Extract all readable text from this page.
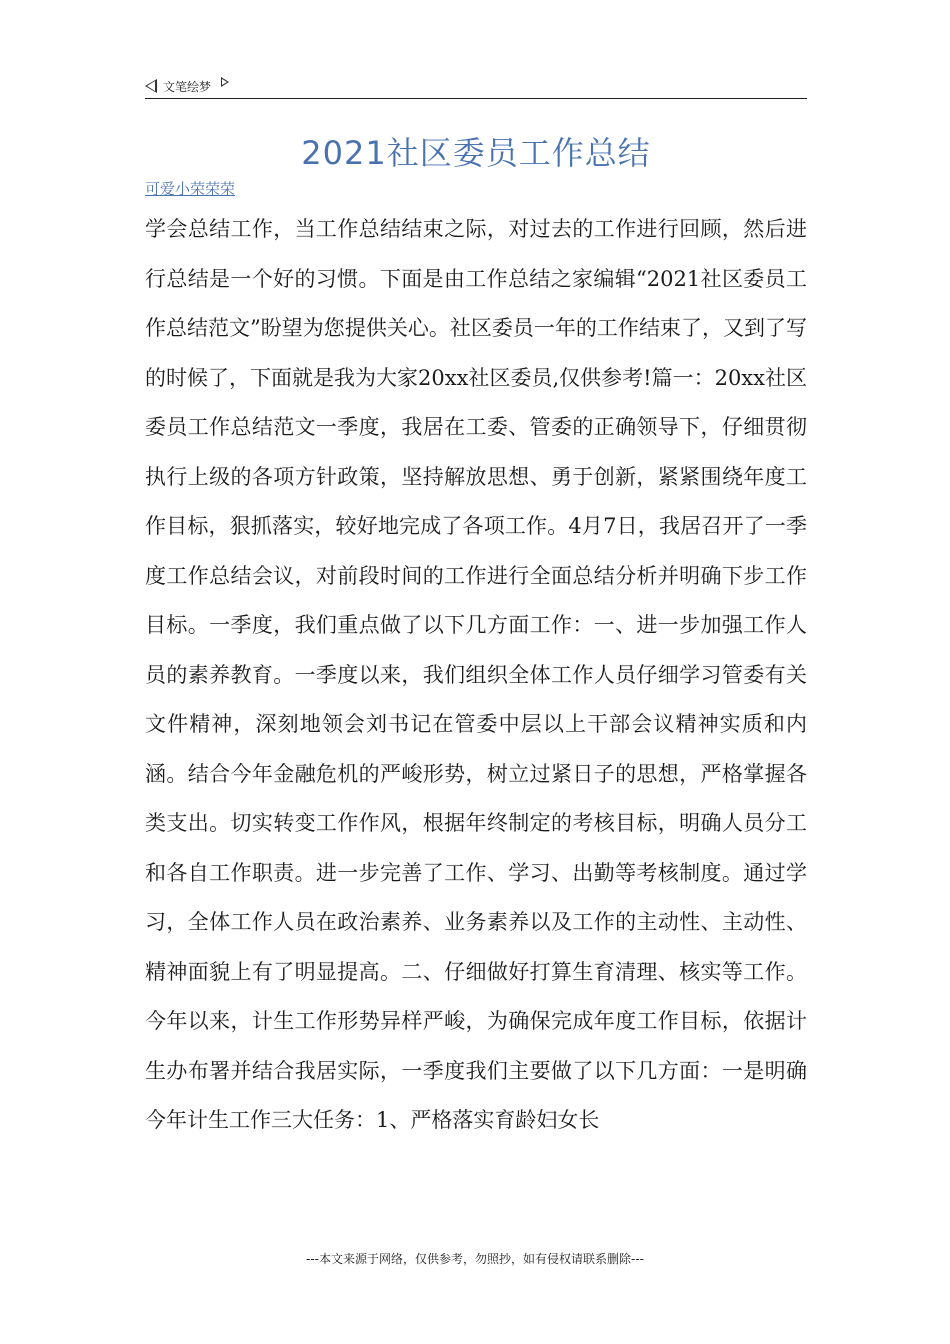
文笔绘梦
2021社区委员工作总结
可爱小荣荣荣
学会总结工作，当工作总结结束之际，对过去的工作进行回顾，然后进行总结是一个好的习惯。下面是由工作总结之家编辑“2021社区委员工作总结范文”盼望为您提供关心。社区委员一年的工作结束了，又到了写的时候了，下面就是我为大家20xx社区委员,仅供参考!篇一：20xx社区委员工作总结范文一季度，我居在工委、管委的正确领导下，仔细贯彻执行上级的各项方针政策，坚持解放思想、勇于创新，紧紧围绕年度工作目标，狠抓落实，较好地完成了各项工作。4月7日，我居召开了一季度工作总结会议，对前段时间的工作进行全面总结分析并明确下步工作目标。一季度，我们重点做了以下几方面工作：一、进一步加强工作人员的素养教育。一季度以来，我们组织全体工作人员仔细学习管委有关文件精神，深刻地领会刘书记在管委中层以上干部会议精神实质和内涵。结合今年金融危机的严峻形势，树立过紧日子的思想，严格掌握各类支出。切实转变工作作风，根据年终制定的考核目标，明确人员分工和各自工作职责。进一步完善了工作、学习、出勤等考核制度。通过学习，全体工作人员在政治素养、业务素养以及工作的主动性、主动性、精神面貌上有了明显提高。二、仔细做好打算生育清理、核实等工作。今年以来，计生工作形势异样严峻，为确保完成年度工作目标，依据计生办布署并结合我居实际，一季度我们主要做了以下几方面：一是明确今年计生工作三大任务：1、严格落实育龄妇女长
---本文来源于网络，仅供参考，勿照抄，如有侵权请联系删除---
